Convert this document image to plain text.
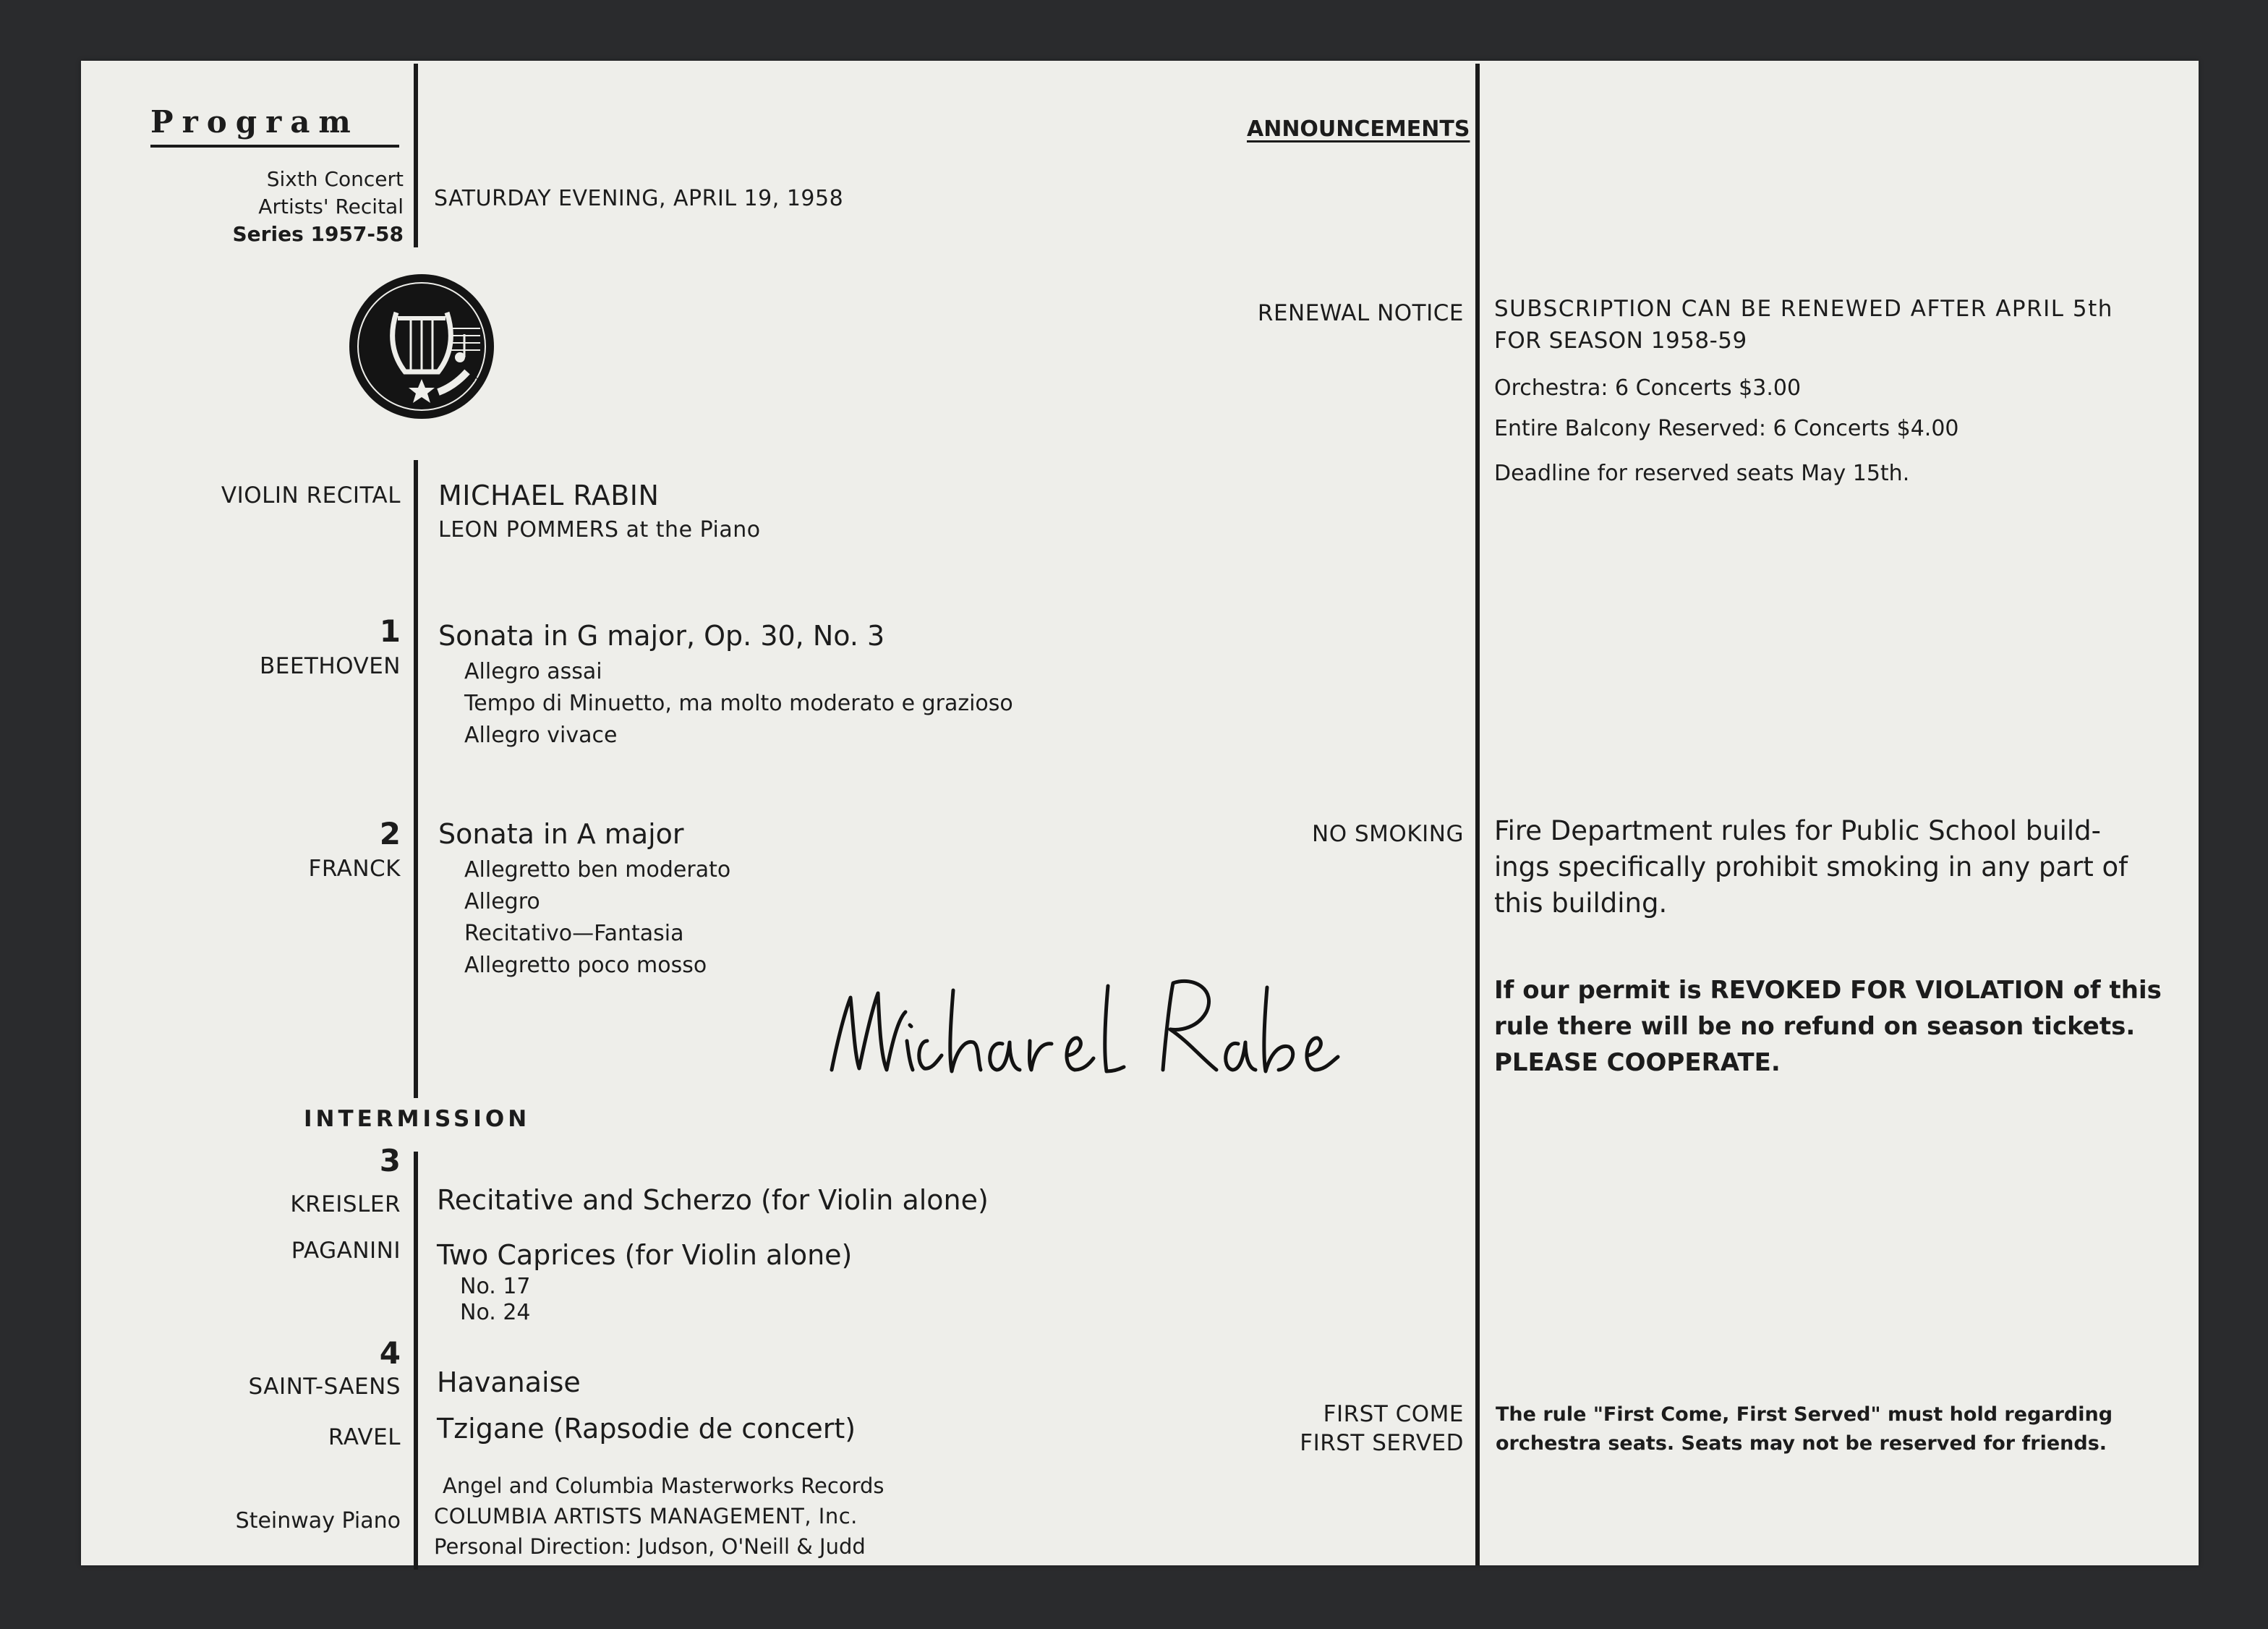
Program
Sixth Concert
Artists' Recital
Series 1957-58
SATURDAY EVENING, APRIL 19, 1958
ANNOUNCEMENTS
STUDENT
VIOLIN RECITAL MICHAEL RABIN
LEON POMMERS at the Piano
1
BEETHOVEN
Sonata in G major, Op. 30, No. 3
Allegro assai
Tempo di Minuetto, ma molto moderato e grazioso
Allegro vivace
2
FRANCK
Sonata in A major
Allegretto ben moderato
Allegro
Recitativo—Fantasia
Allegretto poco mosso
INTERMISSION
3
KREISLER Recitative and Scherzo (for Violin alone)
PAGANINI Two Caprices (for Violin alone)
No. 17
No. 24
4
SAINT-SAENS Havanaise
RAVEL Tzigane (Rapsodie de concert)
Steinway Piano
Angel and Columbia Masterworks Records
COLUMBIA ARTISTS MANAGEMENT, Inc.
Personal Direction: Judson, O'Neill & Judd
RENEWAL NOTICE SUBSCRIPTION CAN BE RENEWED AFTER APRIL 5th
FOR SEASON 1958-59
Orchestra: 6 Concerts $3.00
Entire Balcony Reserved: 6 Concerts $4.00
Deadline for reserved seats May 15th.
NO SMOKING Fire Department rules for Public School build- ings specifically prohibit smoking in any part of this building.
If our permit is REVOKED FOR VIOLATION of this rule there will be no refund on season tickets. PLEASE COOPERATE.
FIRST COME
FIRST SERVED
The rule "First Come, First Served" must hold regarding orchestra seats. Seats may not be reserved for friends.
